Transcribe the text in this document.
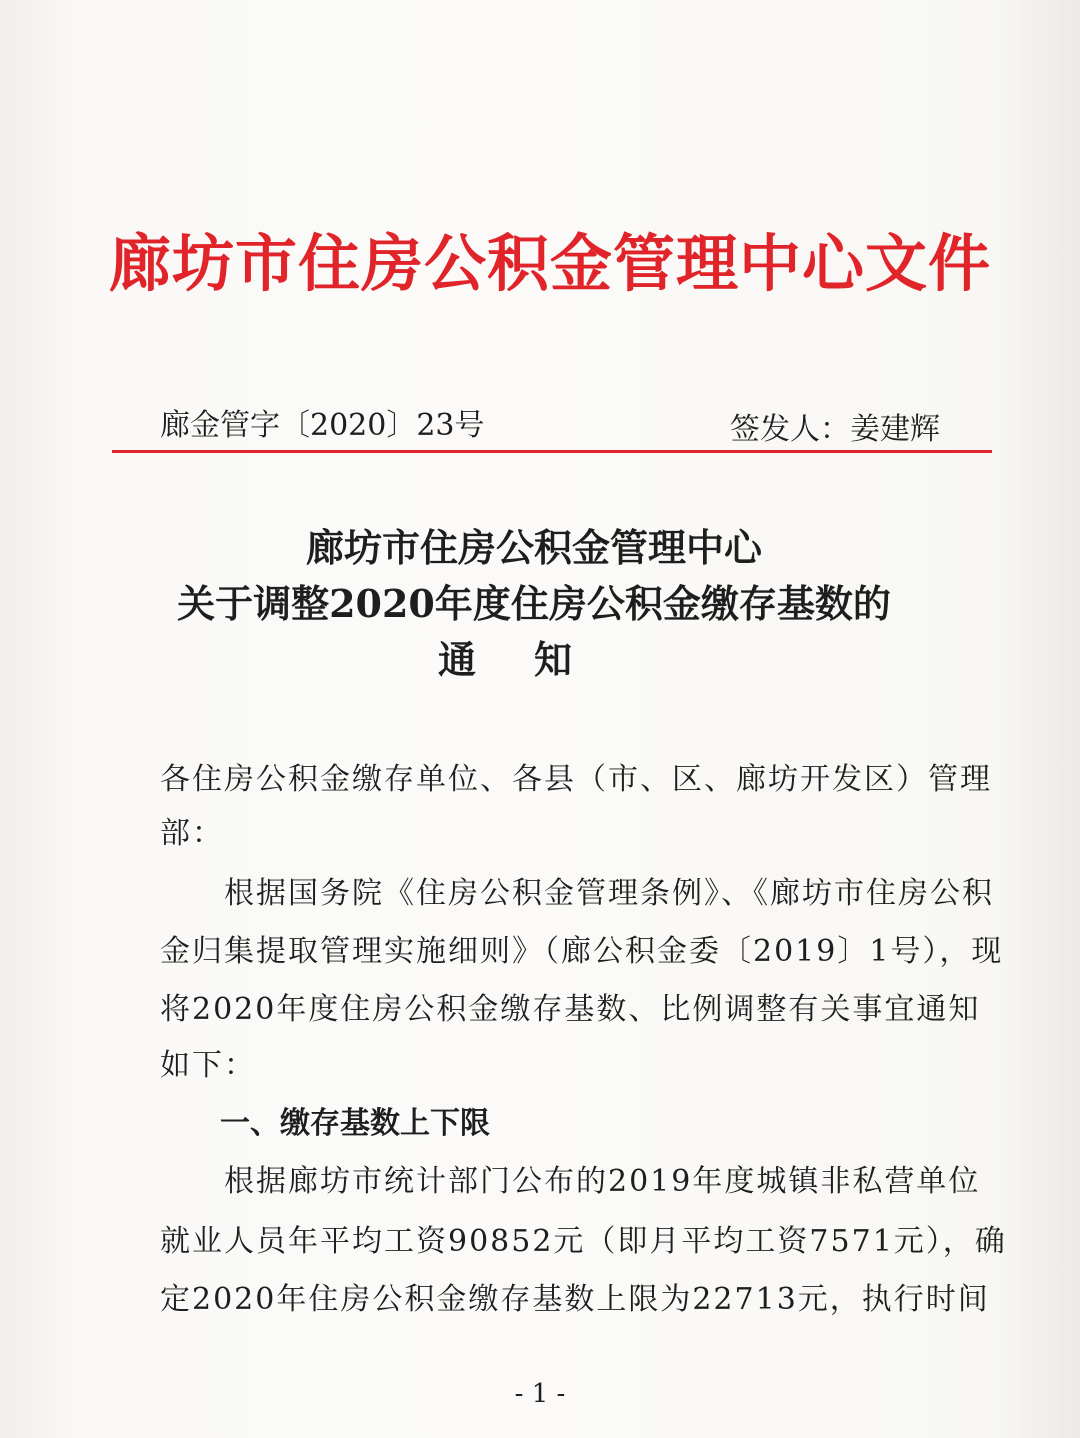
廊坊市住房公积金管理中心文件
廊金管字〔2020〕23号	签发人：姜建辉
廊坊市住房公积金管理中心
关于调整2020年度住房公积金缴存基数的
通知
各住房公积金缴存单位、各县（市、区、廊坊开发区）管理
部：
　　根据国务院《住房公积金管理条例》、《廊坊市住房公积
金归集提取管理实施细则》（廊公积金委〔2019〕1号），现
将2020年度住房公积金缴存基数、比例调整有关事宜通知
如下：
一、缴存基数上下限
　　根据廊坊市统计部门公布的2019年度城镇非私营单位
就业人员年平均工资90852元（即月平均工资7571元），确
定2020年住房公积金缴存基数上限为22713元，执行时间
- 1 -
